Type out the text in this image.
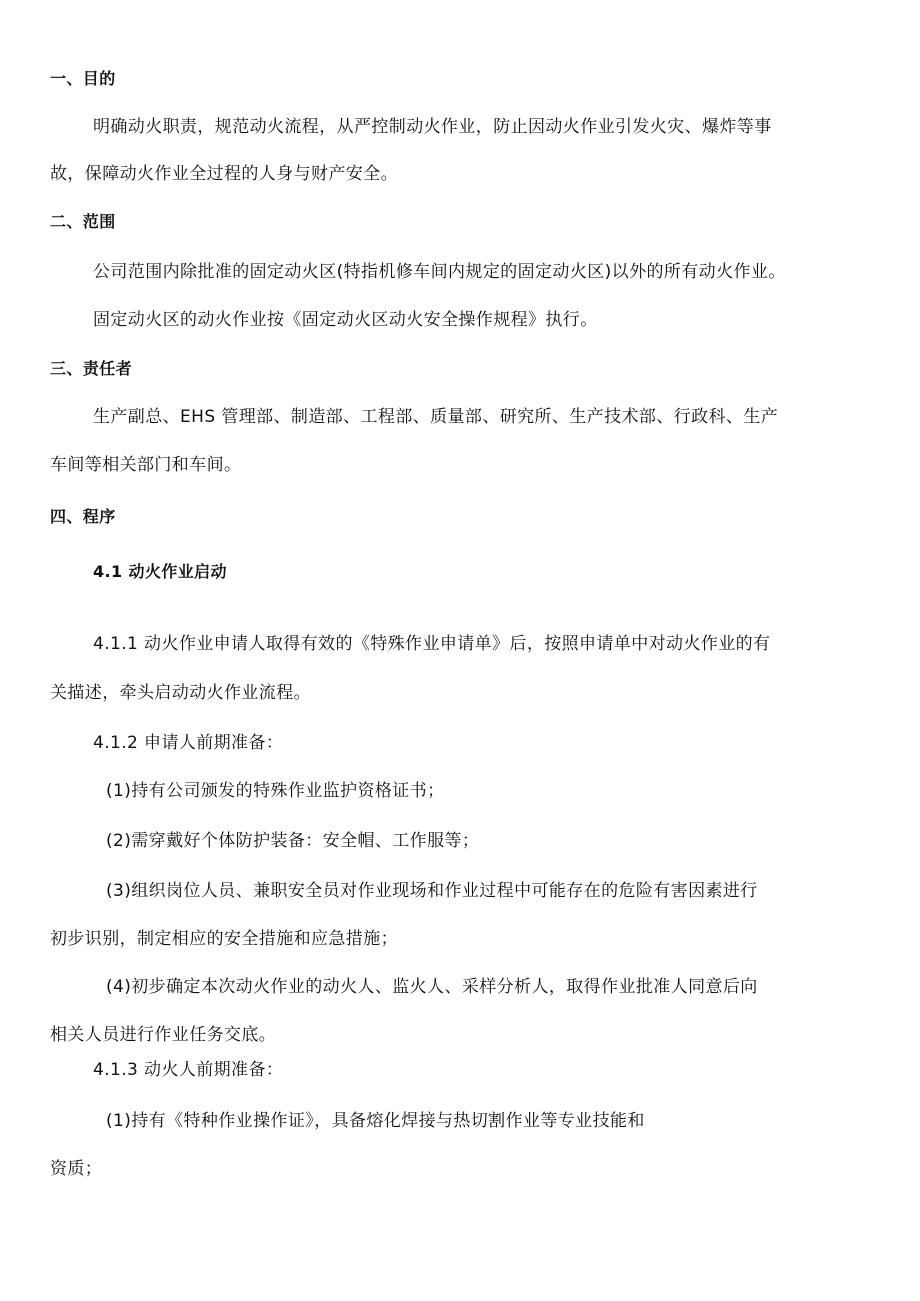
一、目的
明确动火职责，规范动火流程，从严控制动火作业，防止因动火作业引发火灾、爆炸等事
故，保障动火作业全过程的人身与财产安全。
二、范围
公司范围内除批准的固定动火区(特指机修车间内规定的固定动火区)以外的所有动火作业。
固定动火区的动火作业按《固定动火区动火安全操作规程》执行。
三、责任者
生产副总、EHS 管理部、制造部、工程部、质量部、研究所、生产技术部、行政科、生产
车间等相关部门和车间。
四、程序
4.1 动火作业启动
4.1.1 动火作业申请人取得有效的《特殊作业申请单》后，按照申请单中对动火作业的有
关描述，牵头启动动火作业流程。
4.1.2 申请人前期准备：
(1)持有公司颁发的特殊作业监护资格证书；
(2)需穿戴好个体防护装备：安全帽、工作服等；
(3)组织岗位人员、兼职安全员对作业现场和作业过程中可能存在的危险有害因素进行
初步识别，制定相应的安全措施和应急措施；
(4)初步确定本次动火作业的动火人、监火人、采样分析人，取得作业批准人同意后向
相关人员进行作业任务交底。
4.1.3 动火人前期准备：
(1)持有《特种作业操作证》，具备熔化焊接与热切割作业等专业技能和
资质；
